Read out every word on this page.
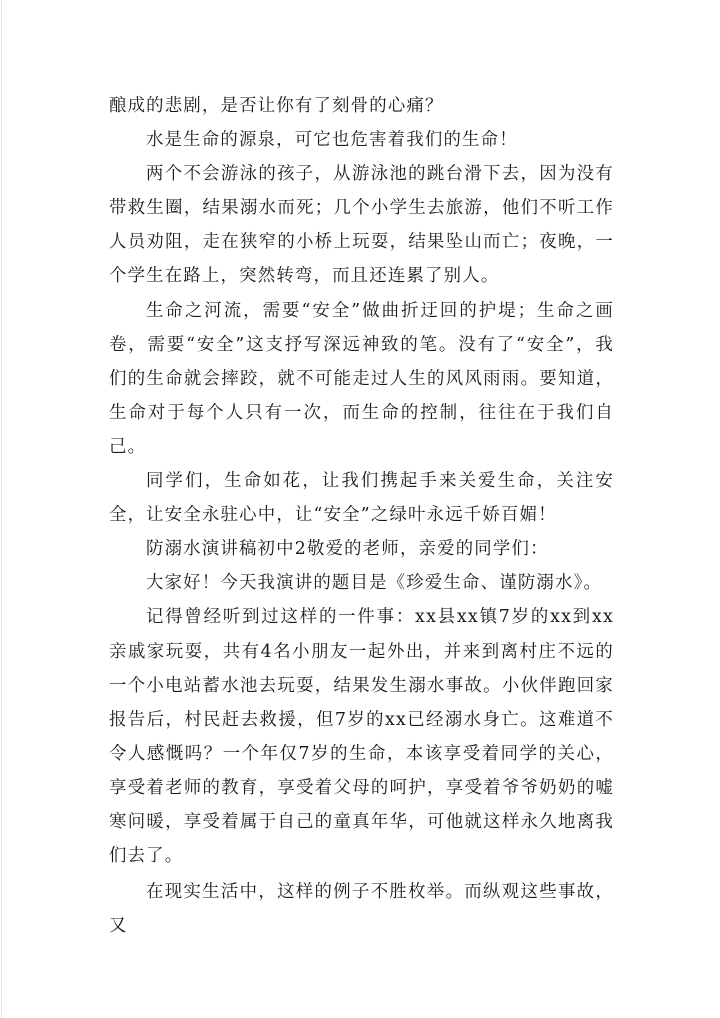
酿成的悲剧，是否让你有了刻骨的心痛？

水是生命的源泉，可它也危害着我们的生命！

两个不会游泳的孩子，从游泳池的跳台滑下去，因为没有带救生圈，结果溺水而死；几个小学生去旅游，他们不听工作人员劝阻，走在狭窄的小桥上玩耍，结果坠山而亡；夜晚，一个学生在路上，突然转弯，而且还连累了别人。

生命之河流，需要“安全”做曲折迂回的护堤；生命之画卷，需要“安全”这支抒写深远神致的笔。没有了“安全”，我们的生命就会摔跤，就不可能走过人生的风风雨雨。要知道，生命对于每个人只有一次，而生命的控制，往往在于我们自己。

同学们，生命如花，让我们携起手来关爱生命，关注安全，让安全永驻心中，让“安全”之绿叶永远千娇百媚！

防溺水演讲稿初中2敬爱的老师，亲爱的同学们：

大家好！今天我演讲的题目是《珍爱生命、谨防溺水》。

记得曾经听到过这样的一件事：xx县xx镇7岁的xx到xx亲戚家玩耍，共有4名小朋友一起外出，并来到离村庄不远的一个小电站蓄水池去玩耍，结果发生溺水事故。小伙伴跑回家报告后，村民赶去救援，但7岁的xx已经溺水身亡。这难道不令人感慨吗？一个年仅7岁的生命，本该享受着同学的关心，享受着老师的教育，享受着父母的呵护，享受着爷爷奶奶的嘘寒问暖，享受着属于自己的童真年华，可他就这样永久地离我们去了。

在现实生活中，这样的例子不胜枚举。而纵观这些事故，又
